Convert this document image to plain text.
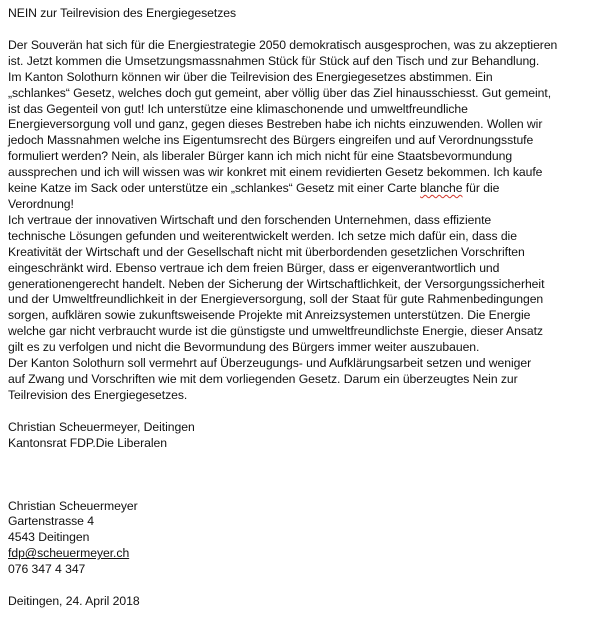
NEIN zur Teilrevision des Energiegesetzes

Der Souverän hat sich für die Energiestrategie 2050 demokratisch ausgesprochen, was zu akzeptieren
ist. Jetzt kommen die Umsetzungsmassnahmen Stück für Stück auf den Tisch und zur Behandlung.
Im Kanton Solothurn können wir über die Teilrevision des Energiegesetzes abstimmen. Ein
„schlankes“ Gesetz, welches doch gut gemeint, aber völlig über das Ziel hinausschiesst. Gut gemeint,
ist das Gegenteil von gut! Ich unterstütze eine klimaschonende und umweltfreundliche
Energieversorgung voll und ganz, gegen dieses Bestreben habe ich nichts einzuwenden. Wollen wir
jedoch Massnahmen welche ins Eigentumsrecht des Bürgers eingreifen und auf Verordnungsstufe
formuliert werden? Nein, als liberaler Bürger kann ich mich nicht für eine Staatsbevormundung
aussprechen und ich will wissen was wir konkret mit einem revidierten Gesetz bekommen. Ich kaufe
keine Katze im Sack oder unterstütze ein „schlankes“ Gesetz mit einer Carte blanche für die
Verordnung!

Ich vertraue der innovativen Wirtschaft und den forschenden Unternehmen, dass effiziente
technische Lösungen gefunden und weiterentwickelt werden. Ich setze mich dafür ein, dass die
Kreativität der Wirtschaft und der Gesellschaft nicht mit überbordenden gesetzlichen Vorschriften
eingeschränkt wird. Ebenso vertraue ich dem freien Bürger, dass er eigenverantwortlich und
generationengerecht handelt. Neben der Sicherung der Wirtschaftlichkeit, der Versorgungssicherheit
und der Umweltfreundlichkeit in der Energieversorgung, soll der Staat für gute Rahmenbedingungen
sorgen, aufklären sowie zukunftsweisende Projekte mit Anreizsystemen unterstützen. Die Energie
welche gar nicht verbraucht wurde ist die günstigste und umweltfreundlichste Energie, dieser Ansatz
gilt es zu verfolgen und nicht die Bevormundung des Bürgers immer weiter auszubauen.

Der Kanton Solothurn soll vermehrt auf Überzeugungs- und Aufklärungsarbeit setzen und weniger
auf Zwang und Vorschriften wie mit dem vorliegenden Gesetz. Darum ein überzeugtes Nein zur
Teilrevision des Energiegesetzes.

Christian Scheuermeyer, Deitingen

Kantonsrat FDP.Die Liberalen

Christian Scheuermeyer

Gartenstrasse 4

4543 Deitingen

fdp@scheuermeyer.ch

076 347 4 347

Deitingen, 24. April 2018
